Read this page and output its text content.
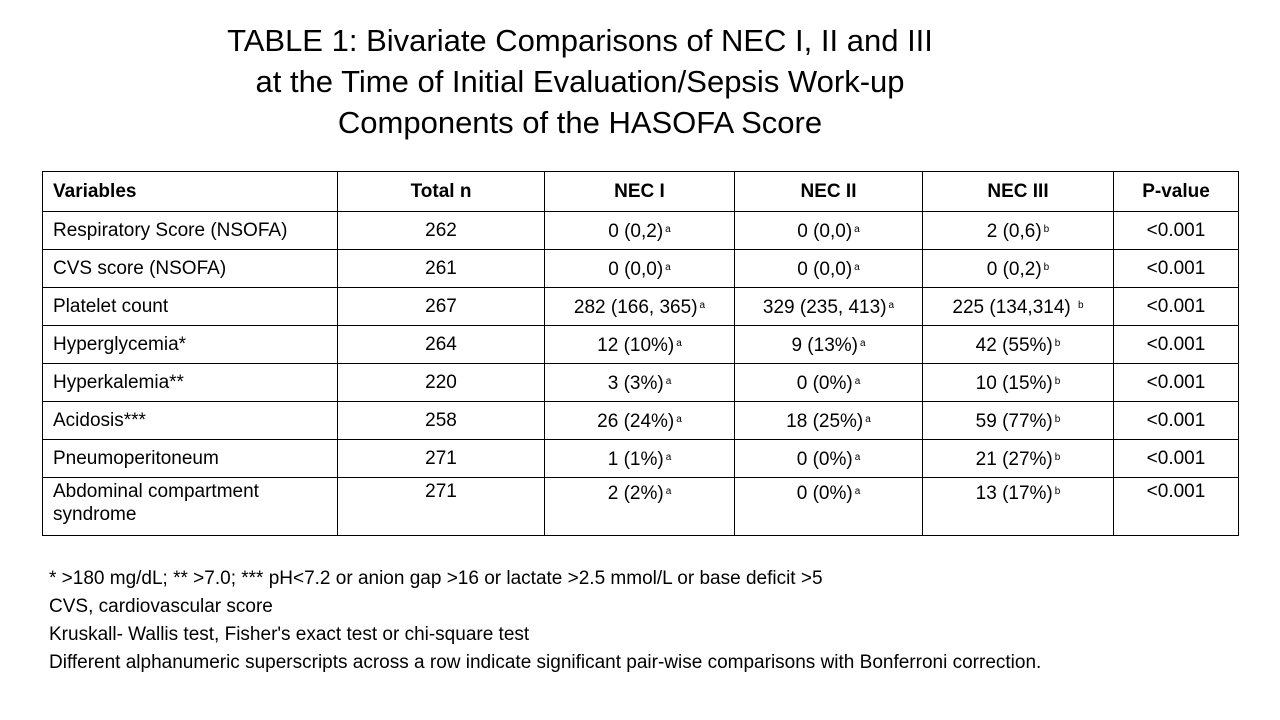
TABLE 1: Bivariate Comparisons of NEC I, II and III
at the Time of Initial Evaluation/Sepsis Work-up
Components of the HASOFA Score
Variables	Total n	NEC I	NEC II	NEC III	P-value
Respiratory Score (NSOFA)	262	0 (0,2) $^a$	0 (0,0) $^a$	2 (0,6) $^b$	<0.001
CVS score (NSOFA)	261	0 (0,0) $^a$	0 (0,0) $^a$	0 (0,2) $^b$	<0.001
Platelet count	267	282 (166, 365) $^a$	329 (235, 413) $^a$	225 (134,314) $^b$	<0.001
Hyperglycemia*	264	12 (10%) $^a$	9 (13%) $^a$	42 (55%) $^b$	<0.001
Hyperkalemia**	220	3 (3%) $^a$	0 (0%) $^a$	10 (15%) $^b$	<0.001
Acidosis***	258	26 (24%) $^a$	18 (25%) $^a$	59 (77%) $^b$	<0.001
Pneumoperitoneum	271	1 (1%) $^a$	0 (0%) $^a$	21 (27%) $^b$	<0.001
Abdominal compartment syndrome	271	2 (2%) $^a$	0 (0%) $^a$	13 (17%) $^b$	<0.001
* >180 mg/dL; ** >7.0; *** pH<7.2 or anion gap >16 or lactate >2.5 mmol/L or base deficit >5
CVS, cardiovascular score
Kruskall- Wallis test, Fisher's exact test or chi-square test
Different alphanumeric superscripts across a row indicate significant pair-wise comparisons with Bonferroni correction.
